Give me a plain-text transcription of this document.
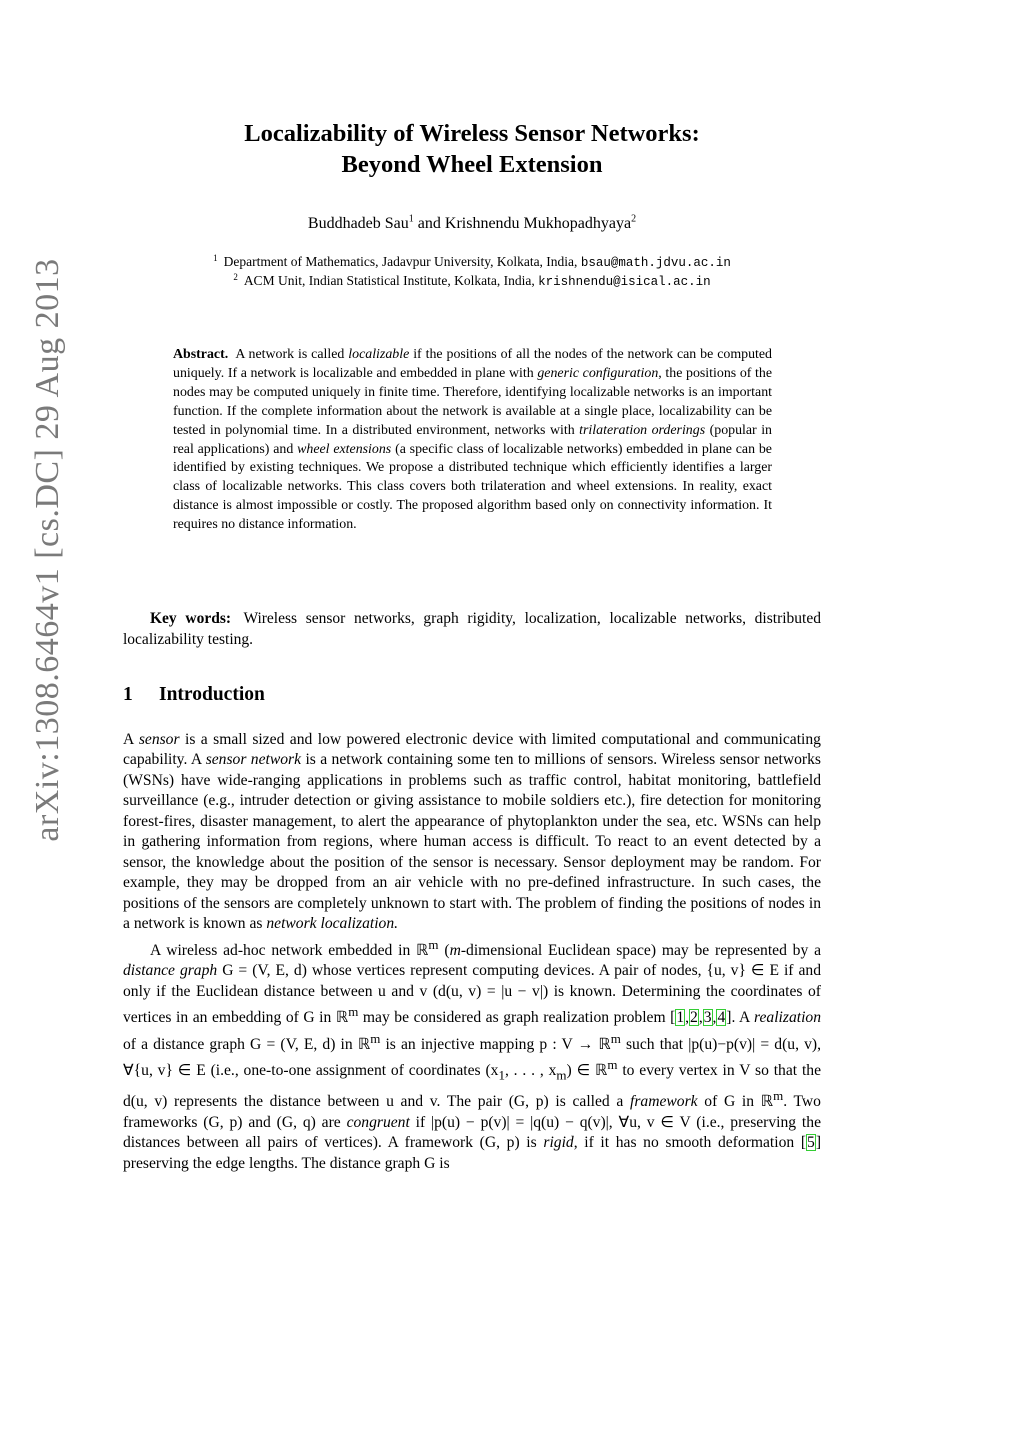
arXiv:1308.6464v1 [cs.DC] 29 Aug 2013
Localizability of Wireless Sensor Networks:
Beyond Wheel Extension
Buddhadeb Sau$^1$ and Krishnendu Mukhopadhyaya$^2$
$^1$ Department of Mathematics, Jadavpur University, Kolkata, India, bsau@math.jdvu.ac.in
$^2$ ACM Unit, Indian Statistical Institute, Kolkata, India, krishnendu@isical.ac.in
Abstract. A network is called localizable if the positions of all the nodes of the network can be computed uniquely. If a network is localizable and embedded in plane with generic configuration, the positions of the nodes may be computed uniquely in finite time. Therefore, identifying localizable networks is an important function. If the complete information about the network is available at a single place, localizability can be tested in polynomial time. In a distributed environment, networks with trilateration orderings (popular in real applications) and wheel extensions (a specific class of localizable networks) embedded in plane can be identified by existing techniques. We propose a distributed technique which efficiently identifies a larger class of localizable networks. This class covers both trilateration and wheel extensions. In reality, exact distance is almost impossible or costly. The proposed algorithm based only on connectivity information. It requires no distance information.
Key words: Wireless sensor networks, graph rigidity, localization, localizable networks, distributed localizability testing.
1 Introduction

A sensor is a small sized and low powered electronic device with limited computational and communicating capability. A sensor network is a network containing some ten to millions of sensors. Wireless sensor networks (WSNs) have wide-ranging applications in problems such as traffic control, habitat monitoring, battlefield surveillance (e.g., intruder detection or giving assistance to mobile soldiers etc.), fire detection for monitoring forest-fires, disaster management, to alert the appearance of phytoplankton under the sea, etc. WSNs can help in gathering information from regions, where human access is difficult. To react to an event detected by a sensor, the knowledge about the position of the sensor is necessary. Sensor deployment may be random. For example, they may be dropped from an air vehicle with no pre-defined infrastructure. In such cases, the positions of the sensors are completely unknown to start with. The problem of finding the positions of nodes in a network is known as network localization.

A wireless ad-hoc network embedded in ℝ$^m$ (m-dimensional Euclidean space) may be represented by a distance graph G = (V, E, d) whose vertices represent computing devices. A pair of nodes, {u, v} ∈ E if and only if the Euclidean distance between u and v (d(u, v) = |u − v|) is known. Determining the coordinates of vertices in an embedding of G in ℝ$^m$ may be considered as graph realization problem [1,2,3,4]. A realization of a distance graph G = (V, E, d) in ℝ$^m$ is an injective mapping p : V → ℝ$^m$ such that |p(u)−p(v)| = d(u, v), ∀{u, v} ∈ E (i.e., one-to-one assignment of coordinates ($x_1$, . . . , $x_m$) ∈ ℝ$^m$ to every vertex in V so that the d(u, v) represents the distance between u and v. The pair (G, p) is called a framework of G in ℝ$^m$. Two frameworks (G, p) and (G, q) are congruent if |p(u) − p(v)| = |q(u) − q(v)|, ∀u, v ∈ V (i.e., preserving the distances between all pairs of vertices). A framework (G, p) is rigid, if it has no smooth deformation [5] preserving the edge lengths. The distance graph G is
